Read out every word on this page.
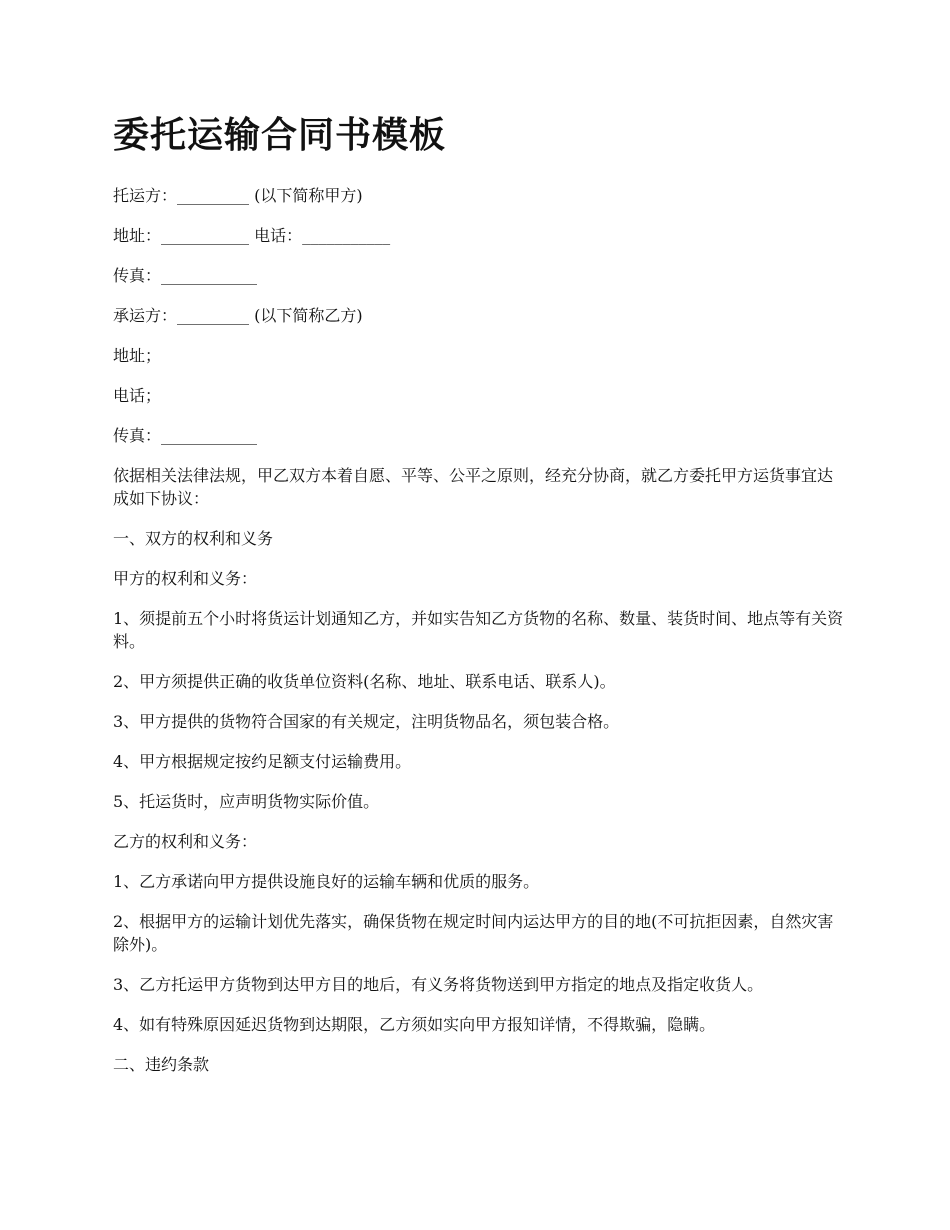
委托运输合同书模板

托运方：_________ (以下简称甲方)

地址：___________ 电话：___________

传真：____________

承运方：_________ (以下简称乙方)

地址；

电话；

传真：____________

依据相关法律法规，甲乙双方本着自愿、平等、公平之原则，经充分协商，就乙方委托甲方运货事宜达成如下协议：

一、双方的权利和义务

甲方的权利和义务：

1、须提前五个小时将货运计划通知乙方，并如实告知乙方货物的名称、数量、装货时间、地点等有关资料。

2、甲方须提供正确的收货单位资料(名称、地址、联系电话、联系人)。

3、甲方提供的货物符合国家的有关规定，注明货物品名，须包装合格。

4、甲方根据规定按约足额支付运输费用。

5、托运货时，应声明货物实际价值。

乙方的权利和义务：

1、乙方承诺向甲方提供设施良好的运输车辆和优质的服务。

2、根据甲方的运输计划优先落实，确保货物在规定时间内运达甲方的目的地(不可抗拒因素，自然灾害除外)。

3、乙方托运甲方货物到达甲方目的地后，有义务将货物送到甲方指定的地点及指定收货人。

4、如有特殊原因延迟货物到达期限，乙方须如实向甲方报知详情，不得欺骗，隐瞒。

二、违约条款
